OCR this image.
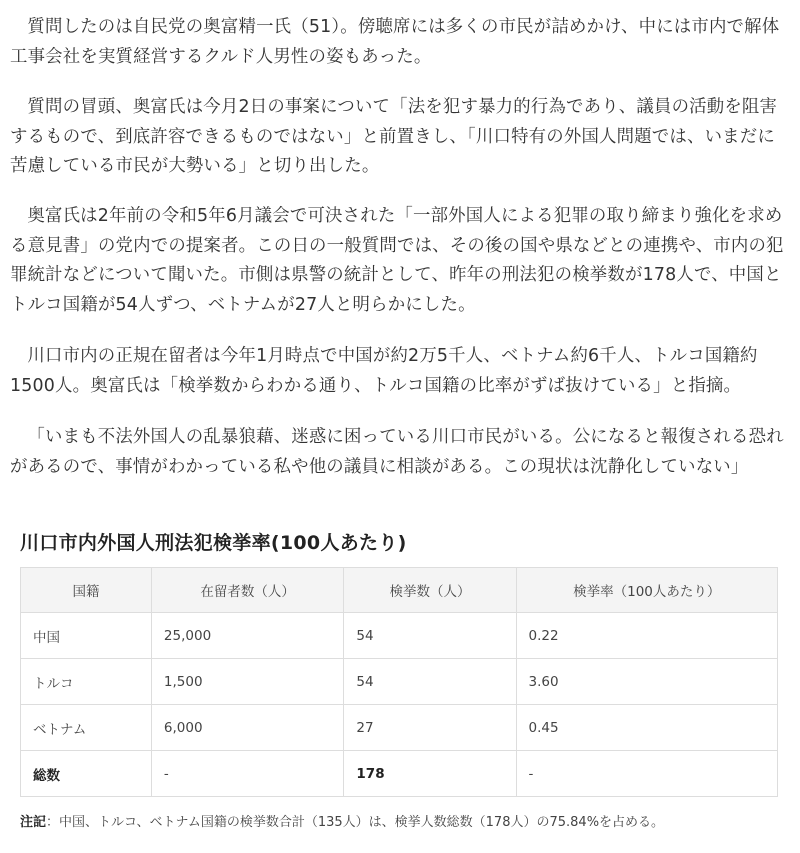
質問したのは自民党の奥富精一氏（51）。傍聴席には多くの市民が詰めかけ、中には市内で解体工事会社を実質経営するクルド人男性の姿もあった。

質問の冒頭、奥富氏は今月2日の事案について「法を犯す暴力的行為であり、議員の活動を阻害するもので、到底許容できるものではない」と前置きし、「川口特有の外国人問題では、いまだに苦慮している市民が大勢いる」と切り出した。

奥富氏は2年前の令和5年6月議会で可決された「一部外国人による犯罪の取り締まり強化を求める意見書」の党内での提案者。この日の一般質問では、その後の国や県などとの連携や、市内の犯罪統計などについて聞いた。市側は県警の統計として、昨年の刑法犯の検挙数が178人で、中国とトルコ国籍が54人ずつ、ベトナムが27人と明らかにした。

川口市内の正規在留者は今年1月時点で中国が約2万5千人、ベトナム約6千人、トルコ国籍約1500人。奥富氏は「検挙数からわかる通り、トルコ国籍の比率がずば抜けている」と指摘。

「いまも不法外国人の乱暴狼藉、迷惑に困っている川口市民がいる。公になると報復される恐れがあるので、事情がわかっている私や他の議員に相談がある。この現状は沈静化していない」

川口市内外国人刑法犯検挙率(100人あたり)
国籍	在留者数（人）	検挙数（人）	検挙率（100人あたり）
中国	25,000	54	0.22
トルコ	1,500	54	3.60
ベトナム	6,000	27	0.45
総数	-	178	-

注記：中国、トルコ、ベトナム国籍の検挙数合計（135人）は、検挙人数総数（178人）の75.84%を占める。
